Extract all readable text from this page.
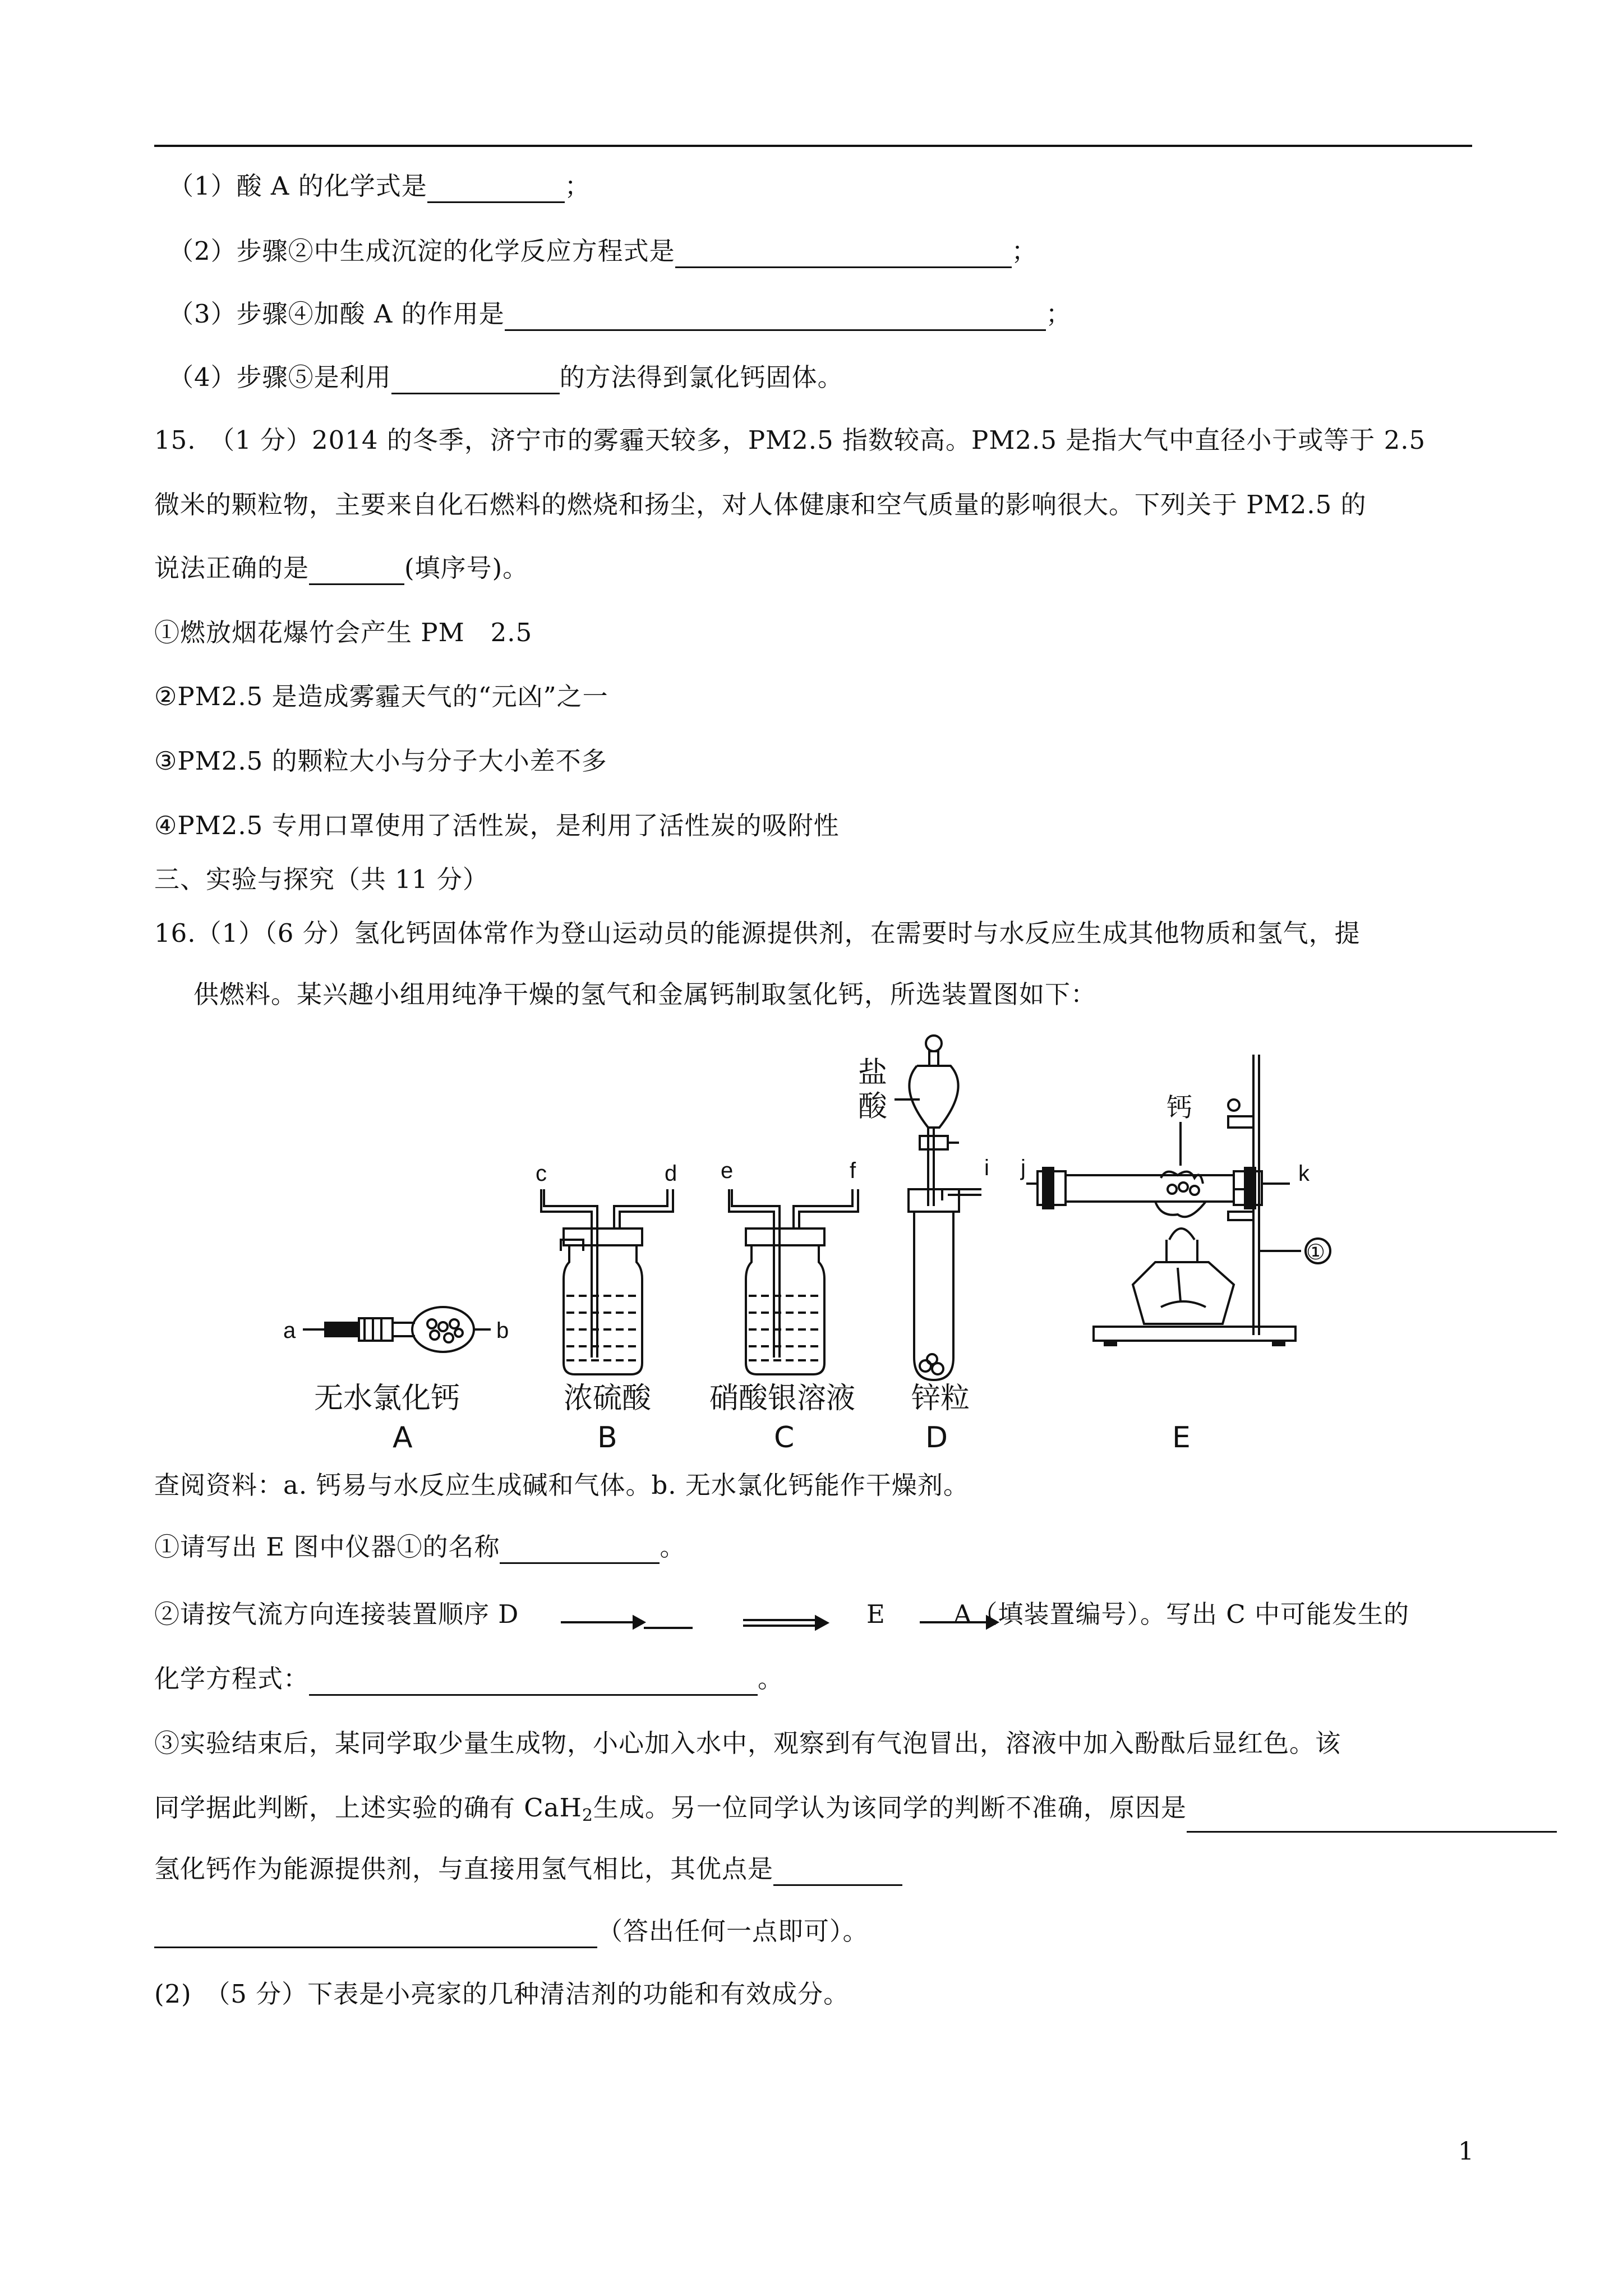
（1）酸 A 的化学式是	；
（2）步骤②中生成沉淀的化学反应方程式是	；
（3）步骤④加酸 A 的作用是	；
（4）步骤⑤是利用	的方法得到氯化钙固体。
15.　（1 分）2014 的冬季，济宁市的雾霾天较多，PM2.5 指数较高。PM2.5 是指大气中直径小于或等于 2.5
微米的颗粒物，主要来自化石燃料的燃烧和扬尘，对人体健康和空气质量的影响很大。下列关于 PM2.5 的
说法正确的是	(填序号)。
①燃放烟花爆竹会产生 PM　2.5
②PM2.5 是造成雾霾天气的“元凶”之一
③PM2.5 的颗粒大小与分子大小差不多
④PM2.5 专用口罩使用了活性炭，是利用了活性炭的吸附性
三、实验与探究（共 11 分）
16.（1）（6 分）氢化钙固体常作为登山运动员的能源提供剂，在需要时与水反应生成其他物质和氢气，提
供燃料。某兴趣小组用纯净干燥的氢气和金属钙制取氢化钙，所选装置图如下：
a	b
c	d e	f	i j	k
盐
酸	钙
①
无水氯化钙	浓硫酸 硝酸银溶液 锌粒
A	B	C	D	E
查阅资料：a. 钙易与水反应生成碱和气体。b. 无水氯化钙能作干燥剂。
①请写出 E 图中仪器①的名称	。
②请按气流方向连接装置顺序 D	E	A（填装置编号）。写出 C 中可能发生的
化学方程式：	。
③实验结束后，某同学取少量生成物，小心加入水中，观察到有气泡冒出，溶液中加入酚酞后显红色。该
同学据此判断，上述实验的确有 CaH$_2$生成。另一位同学认为该同学的判断不准确，原因是
氢化钙作为能源提供剂，与直接用氢气相比，其优点是
（答出任何一点即可）。
(2)　（5 分）下表是小亮家的几种清洁剂的功能和有效成分。
1
